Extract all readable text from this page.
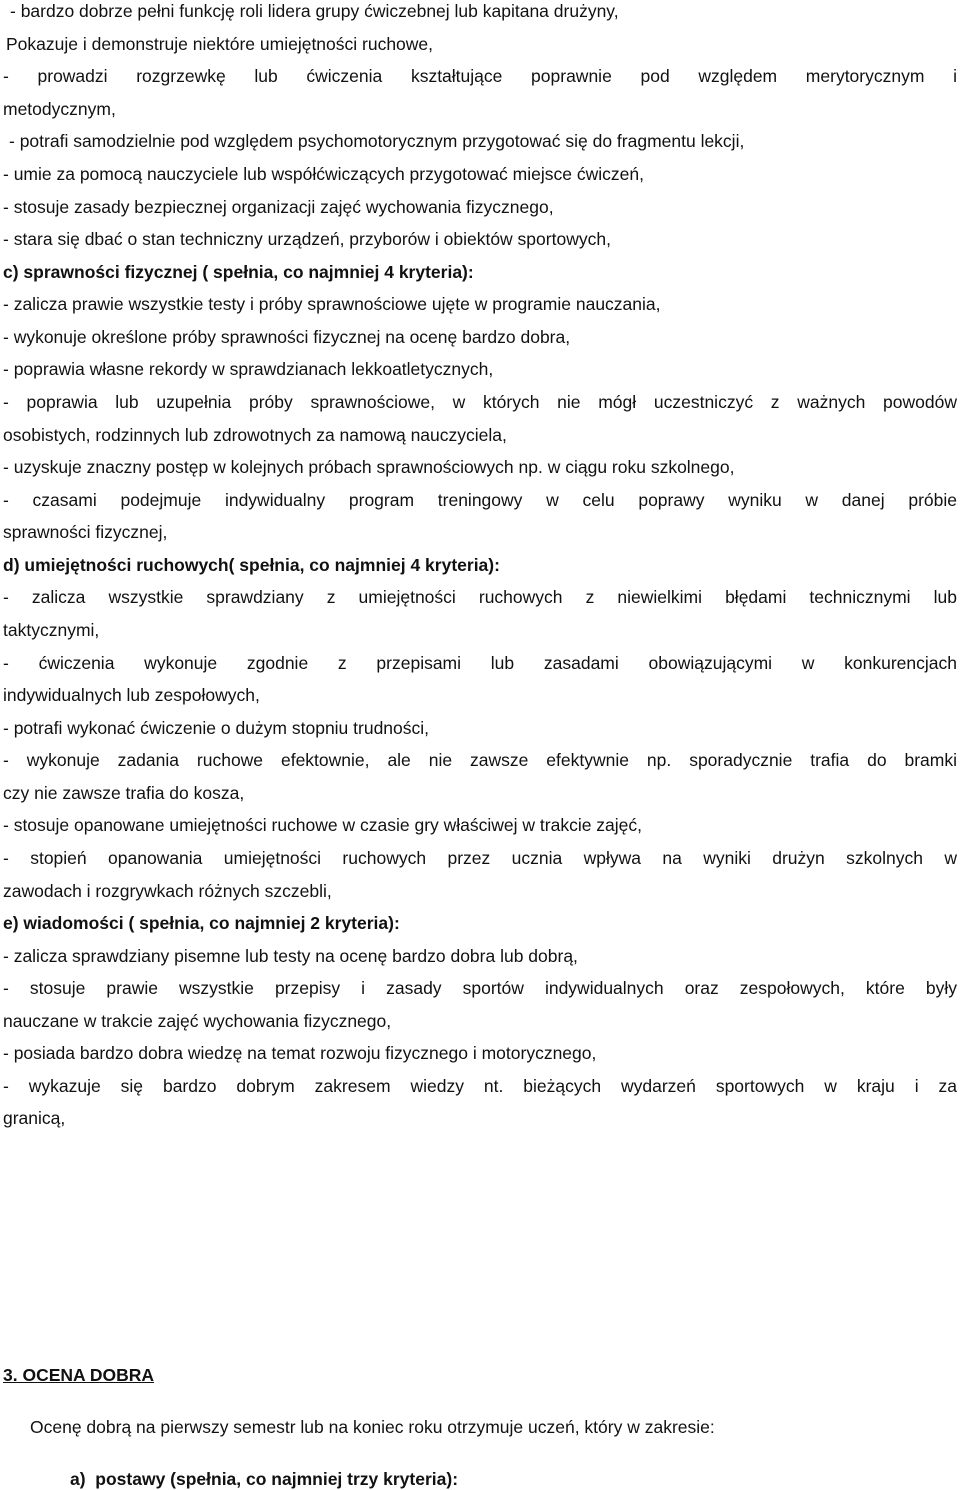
- bardzo dobrze pełni funkcję roli lidera grupy ćwiczebnej lub kapitana drużyny,
Pokazuje i demonstruje niektóre umiejętności ruchowe,
- prowadzi rozgrzewkę lub ćwiczenia kształtujące poprawnie pod względem merytorycznym i
metodycznym,
- potrafi samodzielnie pod względem psychomotorycznym przygotować się do fragmentu lekcji,
- umie za pomocą nauczyciele lub współćwiczących przygotować miejsce ćwiczeń,
- stosuje zasady bezpiecznej organizacji zajęć wychowania fizycznego,
- stara się dbać o stan techniczny urządzeń, przyborów i obiektów sportowych,
c) sprawności fizycznej ( spełnia, co najmniej 4 kryteria):
- zalicza prawie wszystkie testy i próby sprawnościowe ujęte w programie nauczania,
- wykonuje określone próby sprawności fizycznej na ocenę bardzo dobra,
- poprawia własne rekordy w sprawdzianach lekkoatletycznych,
- poprawia lub uzupełnia próby sprawnościowe, w których nie mógł uczestniczyć z ważnych powodów
osobistych, rodzinnych lub zdrowotnych za namową nauczyciela,
- uzyskuje znaczny postęp w kolejnych próbach sprawnościowych np. w ciągu roku szkolnego,
- czasami podejmuje indywidualny program treningowy w celu poprawy wyniku w danej próbie
sprawności fizycznej,
d) umiejętności ruchowych( spełnia, co najmniej 4 kryteria):
- zalicza wszystkie sprawdziany z umiejętności ruchowych z niewielkimi błędami technicznymi lub
taktycznymi,
- ćwiczenia wykonuje zgodnie z przepisami lub zasadami obowiązującymi w konkurencjach
indywidualnych lub zespołowych,
- potrafi wykonać ćwiczenie o dużym stopniu trudności,
- wykonuje zadania ruchowe efektownie, ale nie zawsze efektywnie np. sporadycznie trafia do bramki
czy nie zawsze trafia do kosza,
- stosuje opanowane umiejętności ruchowe w czasie gry właściwej w trakcie zajęć,
- stopień opanowania umiejętności ruchowych przez ucznia wpływa na wyniki drużyn szkolnych w
zawodach i rozgrywkach różnych szczebli,
e) wiadomości ( spełnia, co najmniej 2 kryteria):
- zalicza sprawdziany pisemne lub testy na ocenę bardzo dobra lub dobrą,
- stosuje prawie wszystkie przepisy i zasady sportów indywidualnych oraz zespołowych, które były
nauczane w trakcie zajęć wychowania fizycznego,
- posiada bardzo dobra wiedzę na temat rozwoju fizycznego i motorycznego,
- wykazuje się bardzo dobrym zakresem wiedzy nt. bieżących wydarzeń sportowych w kraju i za
granicą,
3. OCENA DOBRA
Ocenę dobrą na pierwszy semestr lub na koniec roku otrzymuje uczeń, który w zakresie:
a)  postawy (spełnia, co najmniej trzy kryteria):
